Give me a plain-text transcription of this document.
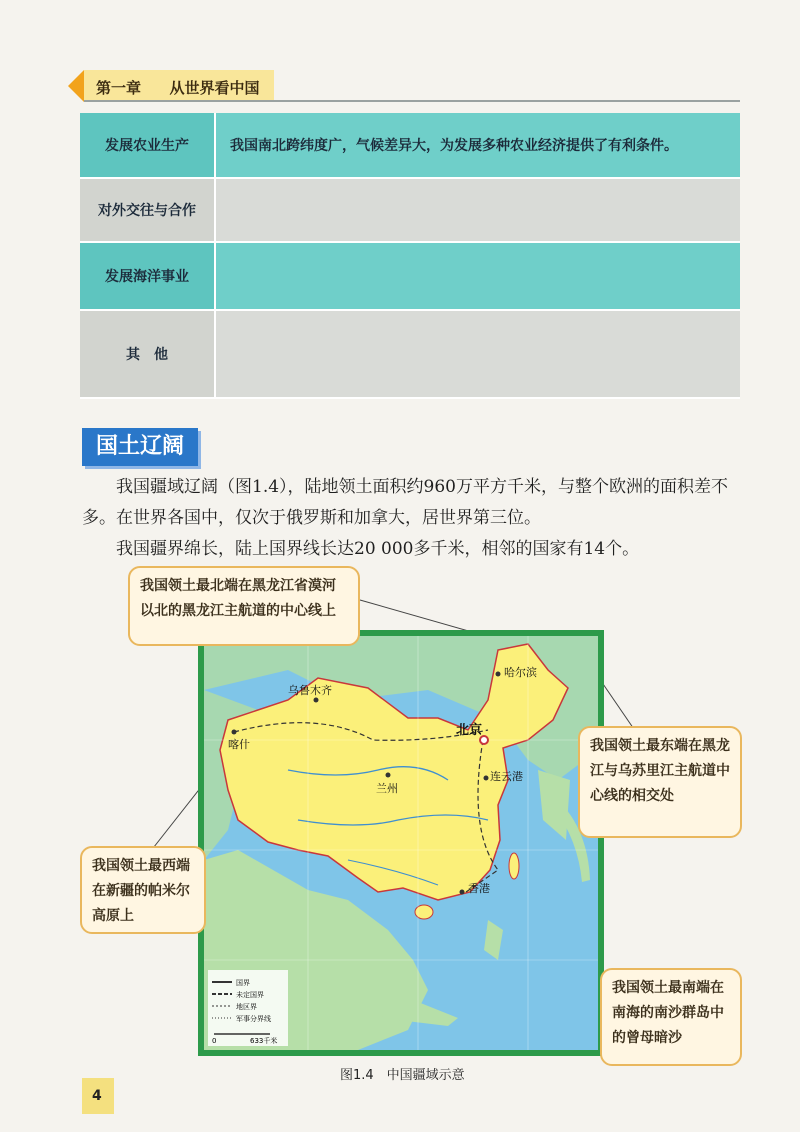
第一章 从世界看中国
发展农业生产	我国南北跨纬度广，气候差异大，为发展多种农业经济提供了有利条件。
对外交往与合作
发展海洋事业
其　他
国土辽阔
我国疆域辽阔（图1.4），陆地领土面积约960万平方千米，与整个欧洲的面积差不多。在世界各国中，仅次于俄罗斯和加拿大，居世界第三位。
我国疆界绵长，陆上国界线长达20 000多千米，相邻的国家有14个。
北京
哈尔滨
乌鲁木齐
喀什
兰州
连云港
香港
国界
未定国界
地区界
军事分界线
0	633千米
我国领土最北端在黑龙江省漠河以北的黑龙江主航道的中心线上
我国领土最东端在黑龙江与乌苏里江主航道中心线的相交处
我国领土最西端在新疆的帕米尔高原上
我国领土最南端在南海的南沙群岛中的曾母暗沙
图1.4　中国疆域示意
4
